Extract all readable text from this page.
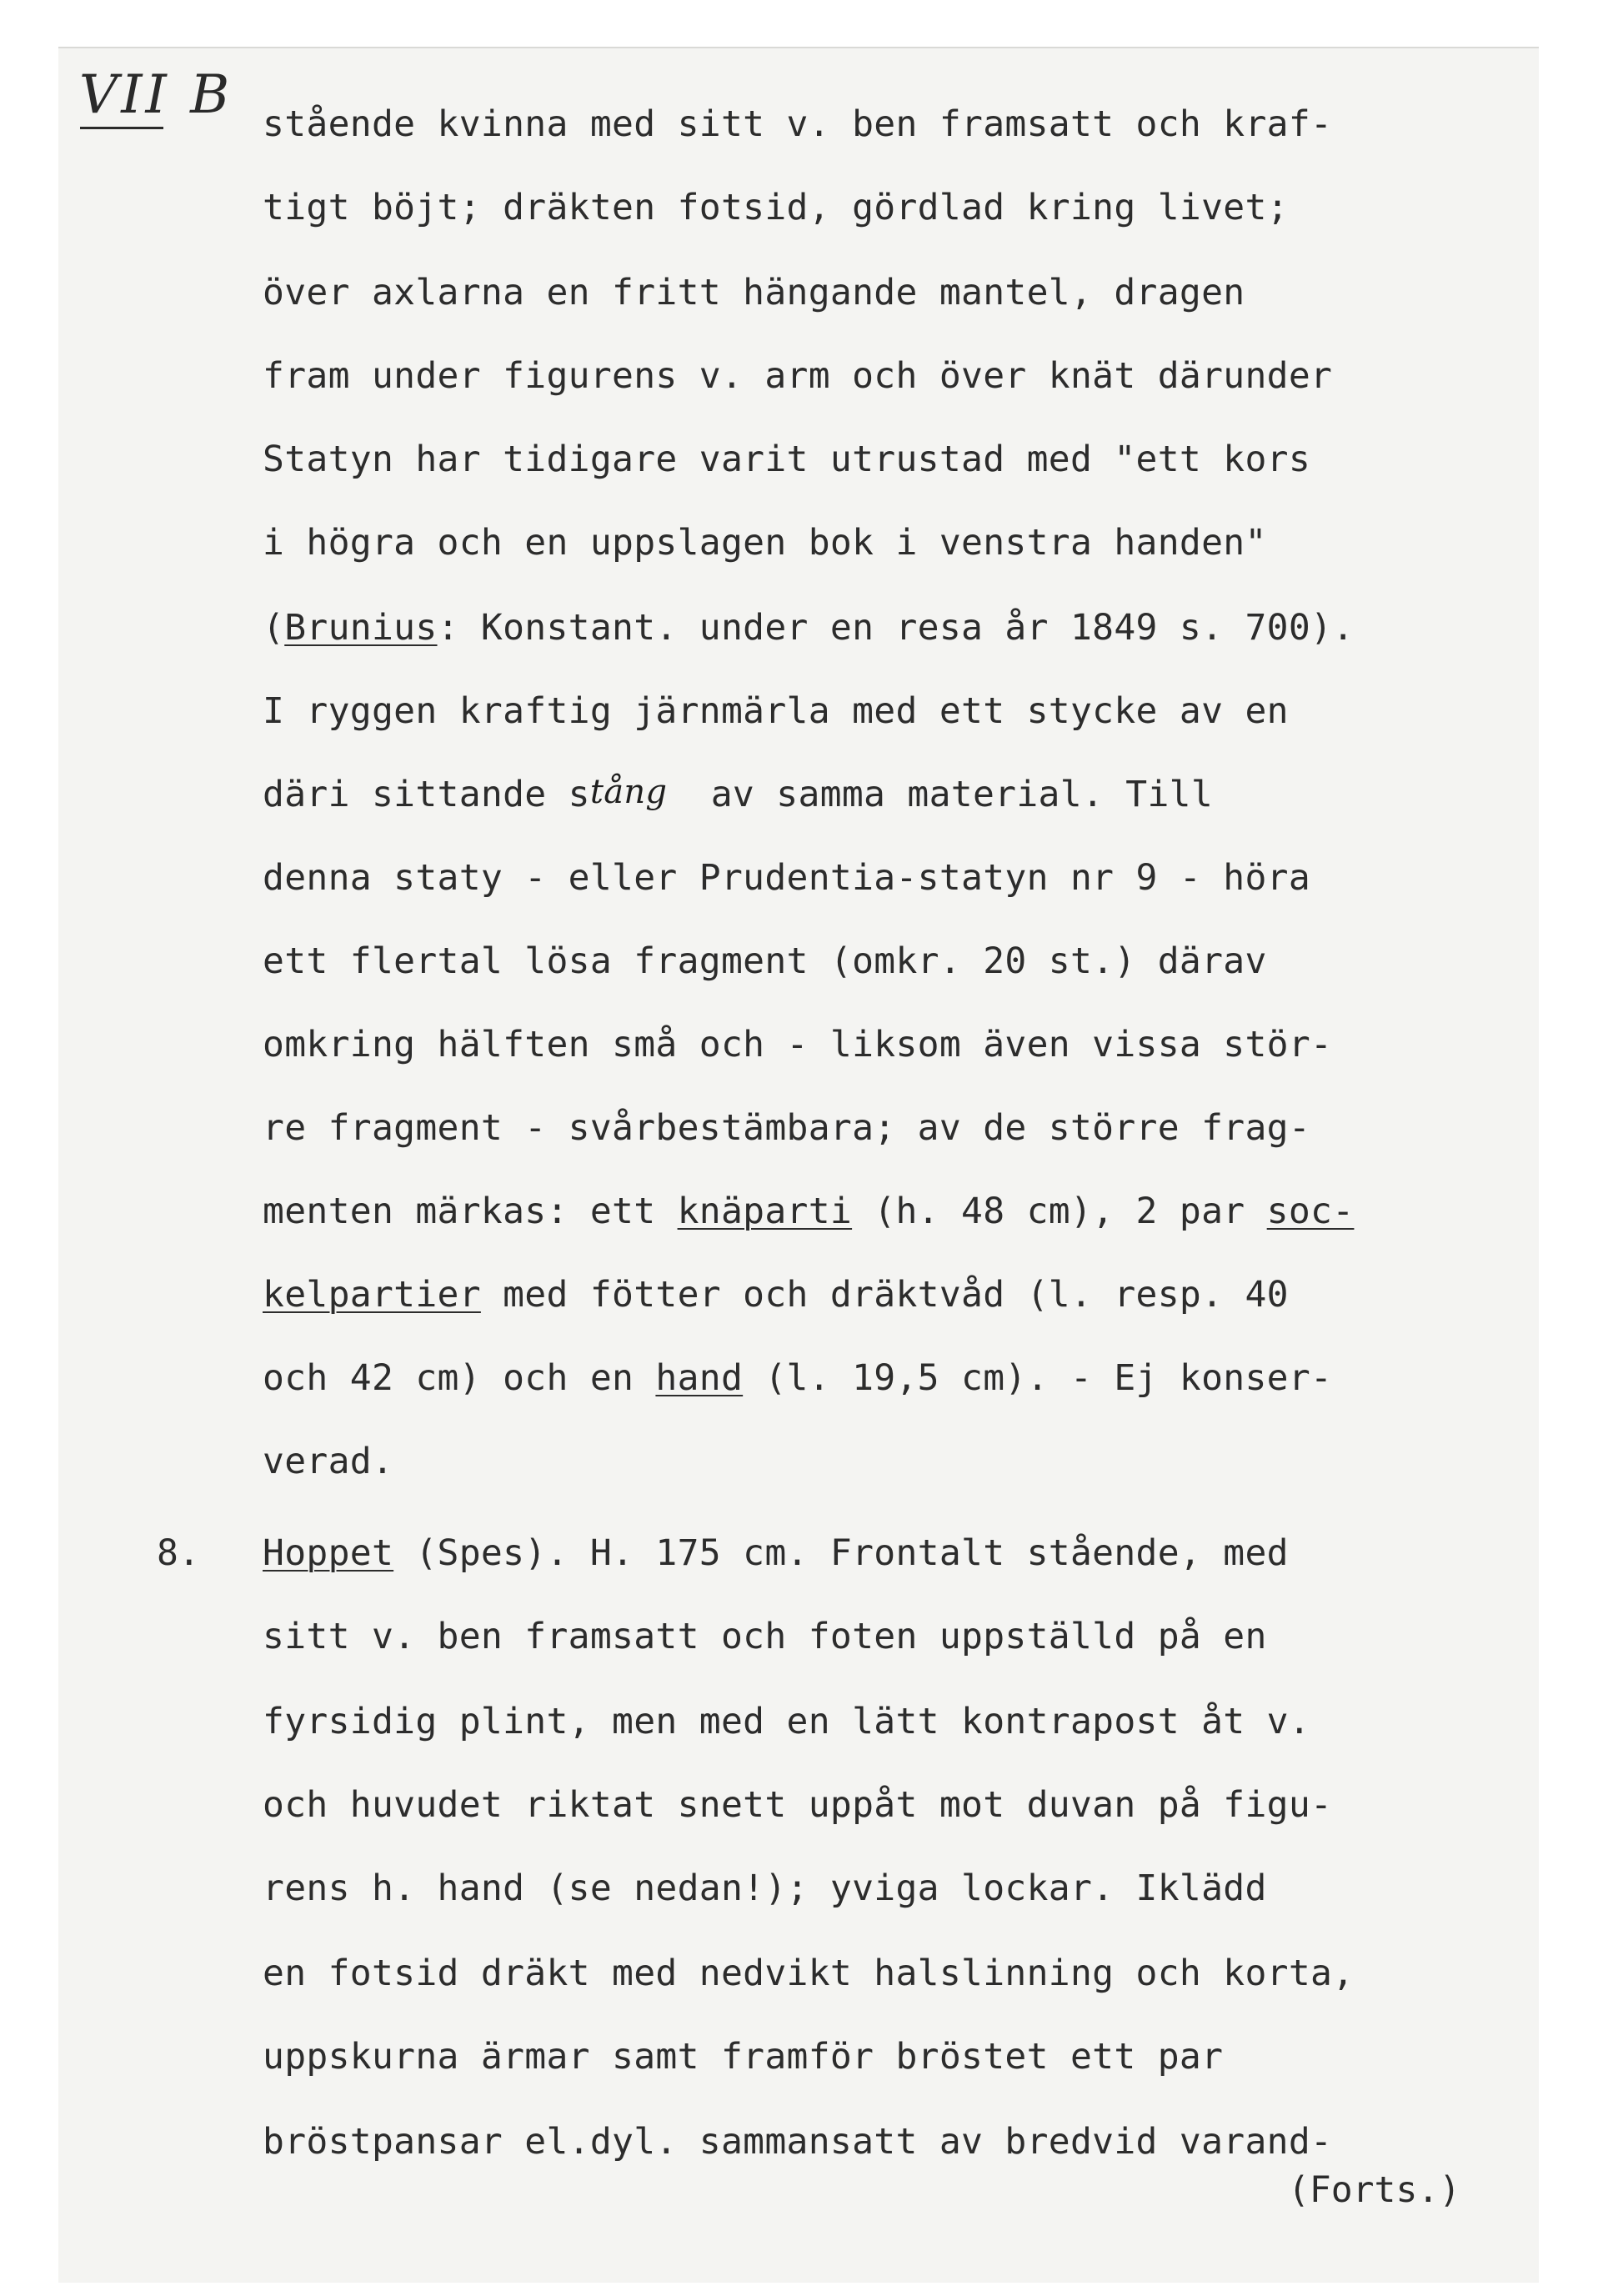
VII B stående kvinna med sitt v. ben framsatt och kraf-
tigt böjt; dräkten fotsid, gördlad kring livet;
över axlarna en fritt hängande mantel, dragen
fram under figurens v. arm och över knät därunder
Statyn har tidigare varit utrustad med "ett kors
i högra och en uppslagen bok i venstra handen"
(Brunius: Konstant. under en resa år 1849 s. 700).
I ryggen kraftig järnmärla med ett stycke av en
däri sittande stång  av samma material. Till
denna staty - eller Prudentia-statyn nr 9 - höra
ett flertal lösa fragment (omkr. 20 st.) därav
omkring hälften små och - liksom även vissa stör-
re fragment - svårbestämbara; av de större frag-
menten märkas: ett knäparti (h. 48 cm), 2 par soc-
kelpartier med fötter och dräktvåd (l. resp. 40
och 42 cm) och en hand (l. 19,5 cm). - Ej konser-
verad.
Hoppet (Spes). H. 175 cm. Frontalt stående, med
sitt v. ben framsatt och foten uppställd på en
fyrsidig plint, men med en lätt kontrapost åt v.
och huvudet riktat snett uppåt mot duvan på figu-
rens h. hand (se nedan!); yviga lockar. Iklädd
en fotsid dräkt med nedvikt halslinning och korta,
uppskurna ärmar samt framför bröstet ett par
bröstpansar el.dyl. sammansatt av bredvid varand-
8.
(Forts.)
